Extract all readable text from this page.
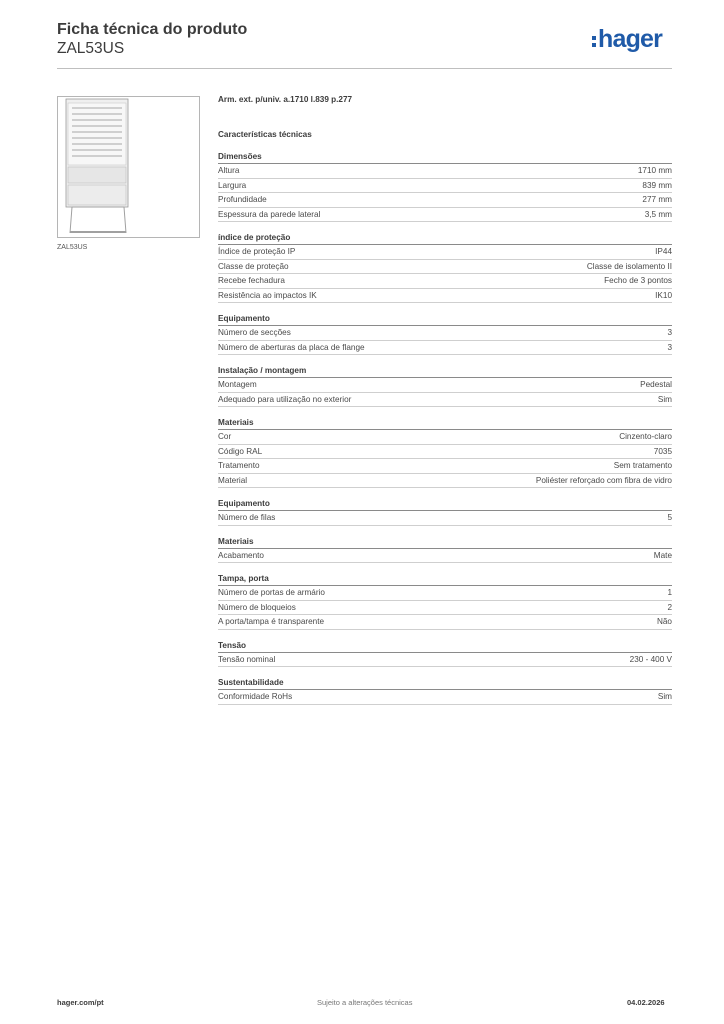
Ficha técnica do produto
ZAL53US	hager
ZAL53US
Arm. ext. p/univ. a.1710 l.839 p.277
Características técnicas
Dimensões
Altura	1710 mm
Largura	839 mm
Profundidade	277 mm
Espessura da parede lateral	3,5 mm
índice de proteção
Índice de proteção IP	IP44
Classe de proteção	Classe de isolamento II
Recebe fechadura	Fecho de 3 pontos
Resistência ao impactos IK	IK10
Equipamento
Número de secções	3
Número de aberturas da placa de flange	3
Instalação / montagem
Montagem	Pedestal
Adequado para utilização no exterior	Sim
Materiais
Cor	Cinzento-claro
Código RAL	7035
Tratamento	Sem tratamento
Material	Poliéster reforçado com fibra de vidro
Equipamento
Número de filas	5
Materiais
Acabamento	Mate
Tampa, porta
Número de portas de armário	1
Número de bloqueios	2
A porta/tampa é transparente	Não
Tensão
Tensão nominal	230 - 400 V
Sustentabilidade
Conformidade RoHs	Sim
hager.com/pt	Sujeito a alterações técnicas	04.02.2026
